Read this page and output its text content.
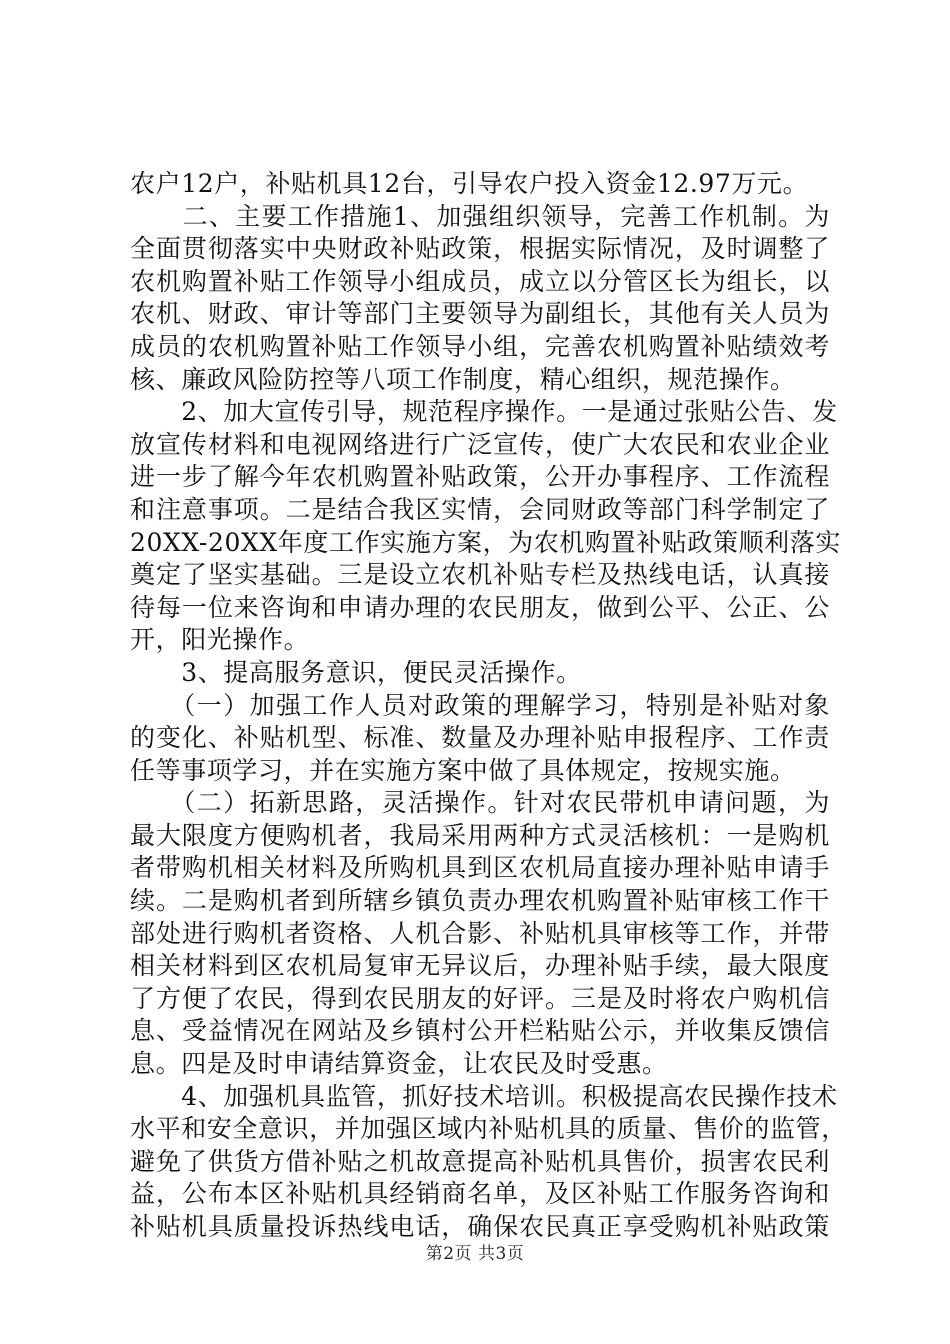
农户12户，补贴机具12台，引导农户投入资金12.97万元。
　　二、主要工作措施1、加强组织领导，完善工作机制。为
全面贯彻落实中央财政补贴政策，根据实际情况，及时调整了
农机购置补贴工作领导小组成员，成立以分管区长为组长，以
农机、财政、审计等部门主要领导为副组长，其他有关人员为
成员的农机购置补贴工作领导小组，完善农机购置补贴绩效考
核、廉政风险防控等八项工作制度，精心组织，规范操作。
　　2、加大宣传引导，规范程序操作。一是通过张贴公告、发
放宣传材料和电视网络进行广泛宣传，使广大农民和农业企业
进一步了解今年农机购置补贴政策，公开办事程序、工作流程
和注意事项。二是结合我区实情，会同财政等部门科学制定了
20XX-20XX年度工作实施方案，为农机购置补贴政策顺利落实
奠定了坚实基础。三是设立农机补贴专栏及热线电话，认真接
待每一位来咨询和申请办理的农民朋友，做到公平、公正、公
开，阳光操作。
　　3、提高服务意识，便民灵活操作。
　　（一）加强工作人员对政策的理解学习，特别是补贴对象
的变化、补贴机型、标准、数量及办理补贴申报程序、工作责
任等事项学习，并在实施方案中做了具体规定，按规实施。
　　（二）拓新思路，灵活操作。针对农民带机申请问题，为
最大限度方便购机者，我局采用两种方式灵活核机：一是购机
者带购机相关材料及所购机具到区农机局直接办理补贴申请手
续。二是购机者到所辖乡镇负责办理农机购置补贴审核工作干
部处进行购机者资格、人机合影、补贴机具审核等工作，并带
相关材料到区农机局复审无异议后，办理补贴手续，最大限度
了方便了农民，得到农民朋友的好评。三是及时将农户购机信
息、受益情况在网站及乡镇村公开栏粘贴公示，并收集反馈信
息。四是及时申请结算资金，让农民及时受惠。
　　4、加强机具监管，抓好技术培训。积极提高农民操作技术
水平和安全意识，并加强区域内补贴机具的质量、售价的监管，
避免了供货方借补贴之机故意提高补贴机具售价，损害农民利
益，公布本区补贴机具经销商名单，及区补贴工作服务咨询和
补贴机具质量投诉热线电话，确保农民真正享受购机补贴政策
第2页 共3页
